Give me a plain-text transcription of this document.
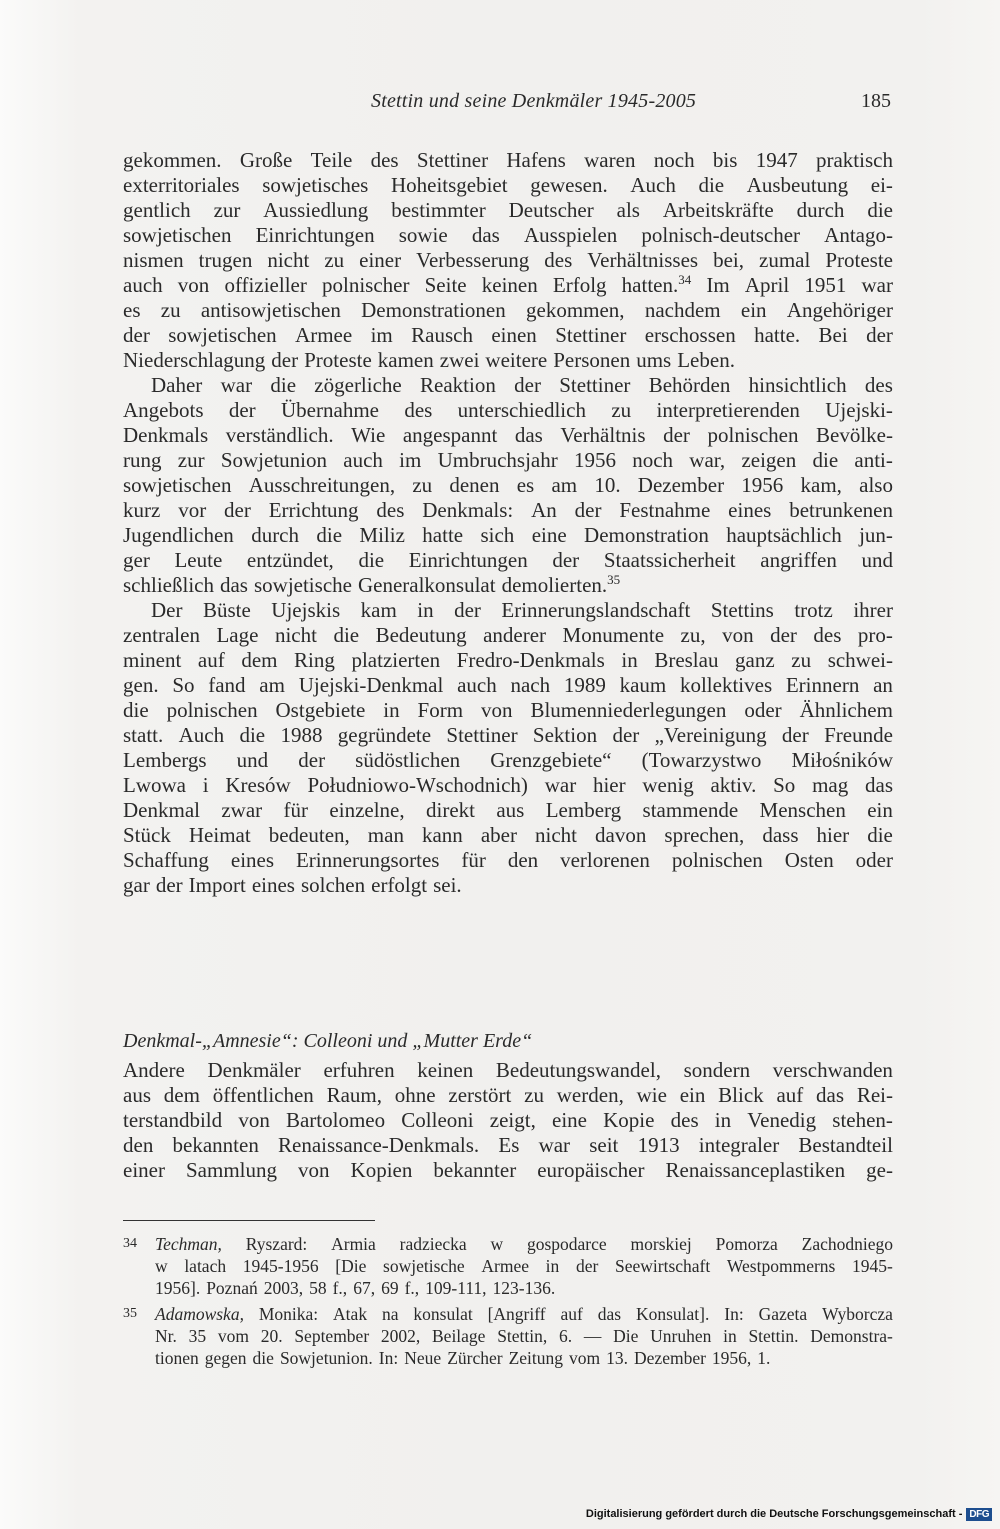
Stettin und seine Denkmäler 1945-2005	185
gekommen. Große Teile des Stettiner Hafens waren noch bis 1947 praktisch
exterritoriales sowjetisches Hoheitsgebiet gewesen. Auch die Ausbeutung ei-
gentlich zur Aussiedlung bestimmter Deutscher als Arbeitskräfte durch die
sowjetischen Einrichtungen sowie das Ausspielen polnisch-deutscher Antago-
nismen trugen nicht zu einer Verbesserung des Verhältnisses bei, zumal Proteste
auch von offizieller polnischer Seite keinen Erfolg hatten.$^{34}$ Im April 1951 war
es zu antisowjetischen Demonstrationen gekommen, nachdem ein Angehöriger
der sowjetischen Armee im Rausch einen Stettiner erschossen hatte. Bei der
Niederschlagung der Proteste kamen zwei weitere Personen ums Leben.
Daher war die zögerliche Reaktion der Stettiner Behörden hinsichtlich des
Angebots der Übernahme des unterschiedlich zu interpretierenden Ujejski-
Denkmals verständlich. Wie angespannt das Verhältnis der polnischen Bevölke-
rung zur Sowjetunion auch im Umbruchsjahr 1956 noch war, zeigen die anti-
sowjetischen Ausschreitungen, zu denen es am 10. Dezember 1956 kam, also
kurz vor der Errichtung des Denkmals: An der Festnahme eines betrunkenen
Jugendlichen durch die Miliz hatte sich eine Demonstration hauptsächlich jun-
ger Leute entzündet, die Einrichtungen der Staatssicherheit angriffen und
schließlich das sowjetische Generalkonsulat demolierten.$^{35}$
Der Büste Ujejskis kam in der Erinnerungslandschaft Stettins trotz ihrer
zentralen Lage nicht die Bedeutung anderer Monumente zu, von der des pro-
minent auf dem Ring platzierten Fredro-Denkmals in Breslau ganz zu schwei-
gen. So fand am Ujejski-Denkmal auch nach 1989 kaum kollektives Erinnern an
die polnischen Ostgebiete in Form von Blumenniederlegungen oder Ähnlichem
statt. Auch die 1988 gegründete Stettiner Sektion der „Vereinigung der Freunde
Lembergs und der südöstlichen Grenzgebiete“ (Towarzystwo Miłośników
Lwowa i Kresów Południowo-Wschodnich) war hier wenig aktiv. So mag das
Denkmal zwar für einzelne, direkt aus Lemberg stammende Menschen ein
Stück Heimat bedeuten, man kann aber nicht davon sprechen, dass hier die
Schaffung eines Erinnerungsortes für den verlorenen polnischen Osten oder
gar der Import eines solchen erfolgt sei.
Denkmal-„Amnesie“: Colleoni und „Mutter Erde“
Andere Denkmäler erfuhren keinen Bedeutungswandel, sondern verschwanden
aus dem öffentlichen Raum, ohne zerstört zu werden, wie ein Blick auf das Rei-
terstandbild von Bartolomeo Colleoni zeigt, eine Kopie des in Venedig stehen-
den bekannten Renaissance-Denkmals. Es war seit 1913 integraler Bestandteil
einer Sammlung von Kopien bekannter europäischer Renaissanceplastiken ge-
34 Techman, Ryszard: Armia radziecka w gospodarce morskiej Pomorza Zachodniego
w latach 1945-1956 [Die sowjetische Armee in der Seewirtschaft Westpommerns 1945-
1956]. Poznań 2003, 58 f., 67, 69 f., 109-111, 123-136.
35 Adamowska, Monika: Atak na konsulat [Angriff auf das Konsulat]. In: Gazeta Wyborcza
Nr. 35 vom 20. September 2002, Beilage Stettin, 6. — Die Unruhen in Stettin. Demonstra-
tionen gegen die Sowjetunion. In: Neue Zürcher Zeitung vom 13. Dezember 1956, 1.
Digitalisierung gefördert durch die Deutsche Forschungsgemeinschaft - DFG
